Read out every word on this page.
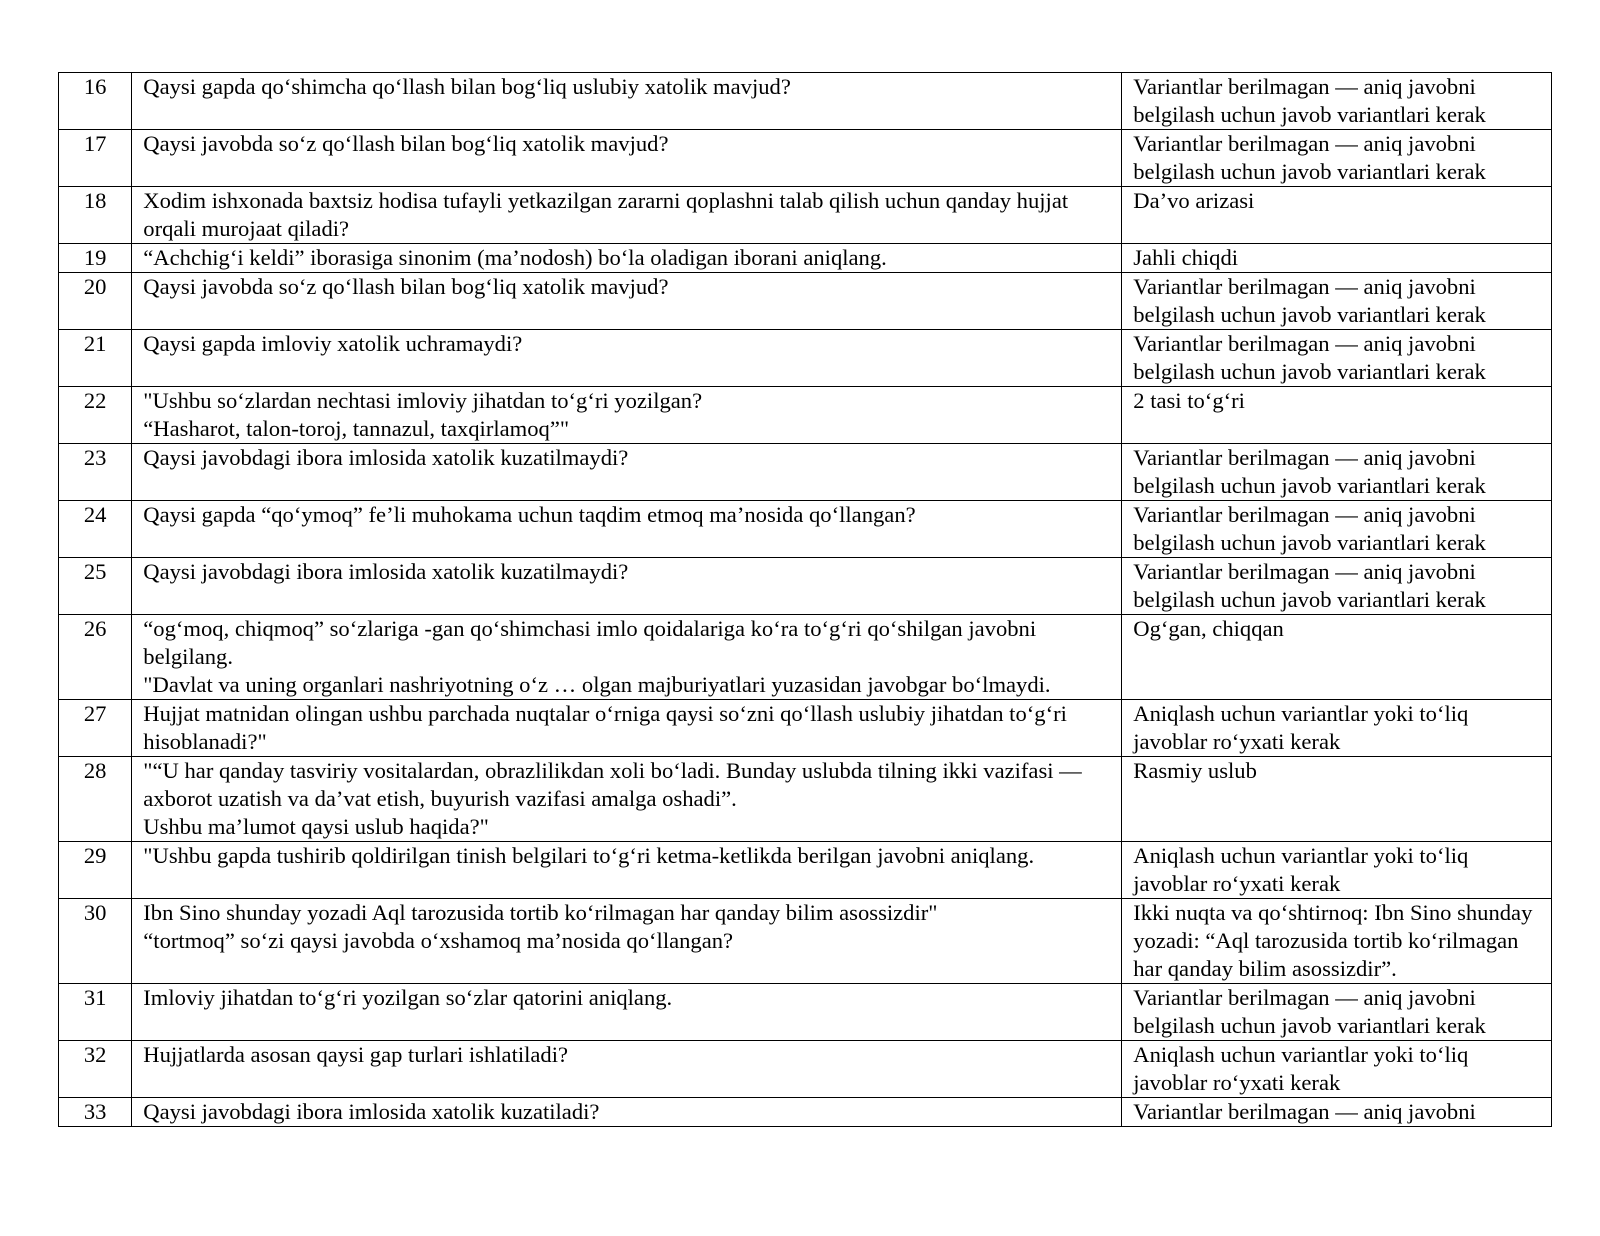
16	Qaysi gapda qo‘shimcha qo‘llash bilan bog‘liq uslubiy xatolik mavjud?	Variantlar berilmagan — aniq javobni belgilash uchun javob variantlari kerak
17	Qaysi javobda so‘z qo‘llash bilan bog‘liq xatolik mavjud?	Variantlar berilmagan — aniq javobni belgilash uchun javob variantlari kerak
18	Xodim ishxonada baxtsiz hodisa tufayli yetkazilgan zararni qoplashni talab qilish uchun qanday hujjat orqali murojaat qiladi?	Da’vo arizasi
19	“Achchig‘i keldi” iborasiga sinonim (ma’nodosh) bo‘la oladigan iborani aniqlang.	Jahli chiqdi
20	Qaysi javobda so‘z qo‘llash bilan bog‘liq xatolik mavjud?	Variantlar berilmagan — aniq javobni belgilash uchun javob variantlari kerak
21	Qaysi gapda imloviy xatolik uchramaydi?	Variantlar berilmagan — aniq javobni belgilash uchun javob variantlari kerak
22	"Ushbu so‘zlardan nechtasi imloviy jihatdan to‘g‘ri yozilgan?
“Hasharot, talon-toroj, tannazul, taxqirlamoq”"	2 tasi to‘g‘ri
23	Qaysi javobdagi ibora imlosida xatolik kuzatilmaydi?	Variantlar berilmagan — aniq javobni belgilash uchun javob variantlari kerak
24	Qaysi gapda “qo‘ymoq” fe’li muhokama uchun taqdim etmoq ma’nosida qo‘llangan?	Variantlar berilmagan — aniq javobni belgilash uchun javob variantlari kerak
25	Qaysi javobdagi ibora imlosida xatolik kuzatilmaydi?	Variantlar berilmagan — aniq javobni belgilash uchun javob variantlari kerak
26	“og‘moq, chiqmoq” so‘zlariga -gan qo‘shimchasi imlo qoidalariga ko‘ra to‘g‘ri qo‘shilgan javobni belgilang.
"Davlat va uning organlari nashriyotning o‘z … olgan majburiyatlari yuzasidan javobgar bo‘lmaydi.	Og‘gan, chiqqan
27	Hujjat matnidan olingan ushbu parchada nuqtalar o‘rniga qaysi so‘zni qo‘llash uslubiy jihatdan to‘g‘ri hisoblanadi?"	Aniqlash uchun variantlar yoki to‘liq javoblar ro‘yxati kerak
28	"“U har qanday tasviriy vositalardan, obrazlilikdan xoli bo‘ladi. Bunday uslubda tilning ikki vazifasi — axborot uzatish va da’vat etish, buyurish vazifasi amalga oshadi”.
Ushbu ma’lumot qaysi uslub haqida?"	Rasmiy uslub
29	"Ushbu gapda tushirib qoldirilgan tinish belgilari to‘g‘ri ketma-ketlikda berilgan javobni aniqlang.	Aniqlash uchun variantlar yoki to‘liq javoblar ro‘yxati kerak
30	Ibn Sino shunday yozadi Aql tarozusida tortib ko‘rilmagan har qanday bilim asossizdir"
“tortmoq” so‘zi qaysi javobda o‘xshamoq ma’nosida qo‘llangan?	Ikki nuqta va qo‘shtirnoq: Ibn Sino shunday yozadi: “Aql tarozusida tortib ko‘rilmagan har qanday bilim asossizdir”.
31	Imloviy jihatdan to‘g‘ri yozilgan so‘zlar qatorini aniqlang.	Variantlar berilmagan — aniq javobni belgilash uchun javob variantlari kerak
32	Hujjatlarda asosan qaysi gap turlari ishlatiladi?	Aniqlash uchun variantlar yoki to‘liq javoblar ro‘yxati kerak
33	Qaysi javobdagi ibora imlosida xatolik kuzatiladi?	Variantlar berilmagan — aniq javobni
